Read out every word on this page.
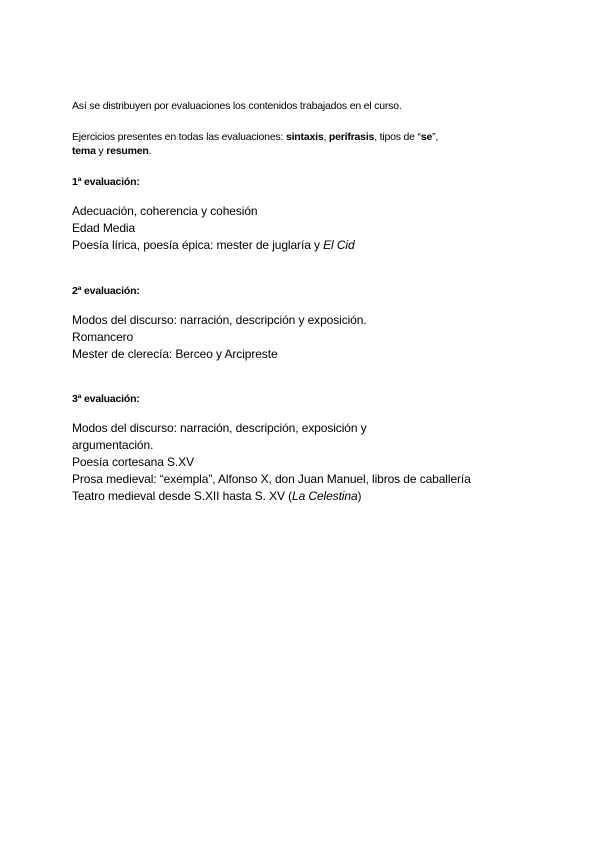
Así se distribuyen por evaluaciones los contenidos trabajados en el curso.
Ejercicios presentes en todas las evaluaciones: sintaxis, perífrasis, tipos de “se”,
tema y resumen.
1ª evaluación:
Adecuación, coherencia y cohesión
Edad Media
Poesía lírica, poesía épica: mester de juglaría y El Cid
2ª evaluación:
Modos del discurso: narración, descripción y exposición.
Romancero
Mester de clerecía: Berceo y Arcipreste
3ª evaluación:
Modos del discurso: narración, descripción, exposición y
argumentación.
Poesía cortesana S.XV
Prosa medieval: “exempla”, Alfonso X, don Juan Manuel, libros de caballería
Teatro medieval desde S.XII hasta S. XV (La Celestina)
